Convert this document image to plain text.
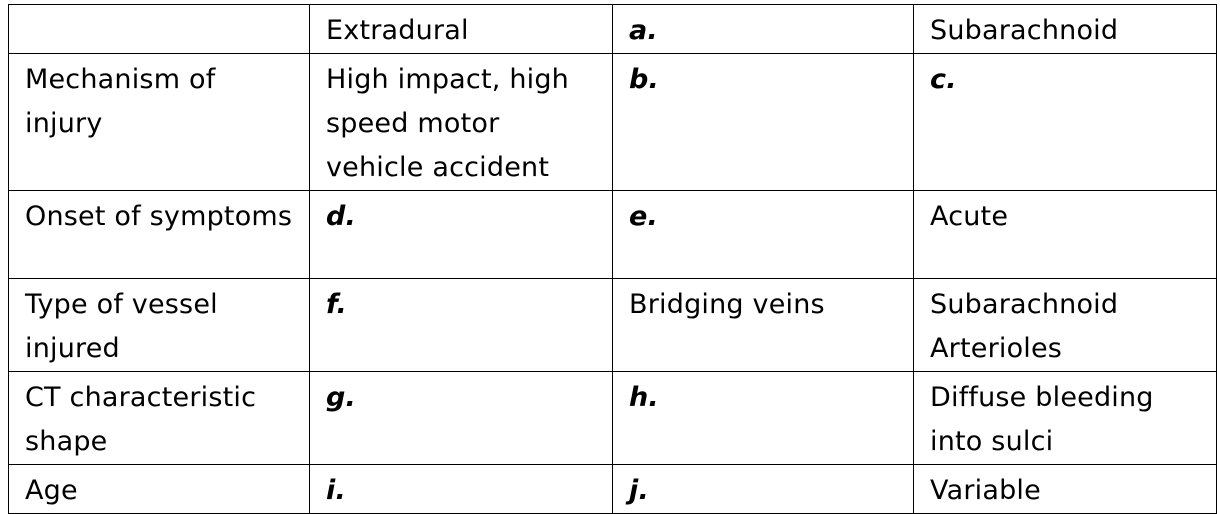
	Extradural	a.	Subarachnoid
Mechanism of injury	High impact, high speed motor vehicle accident	b.	c.
Onset of symptoms	d.	e.	Acute
Type of vessel injured	f.	Bridging veins	Subarachnoid Arterioles
CT characteristic shape	g.	h.	Diffuse bleeding into sulci
Age	i.	j.	Variable
